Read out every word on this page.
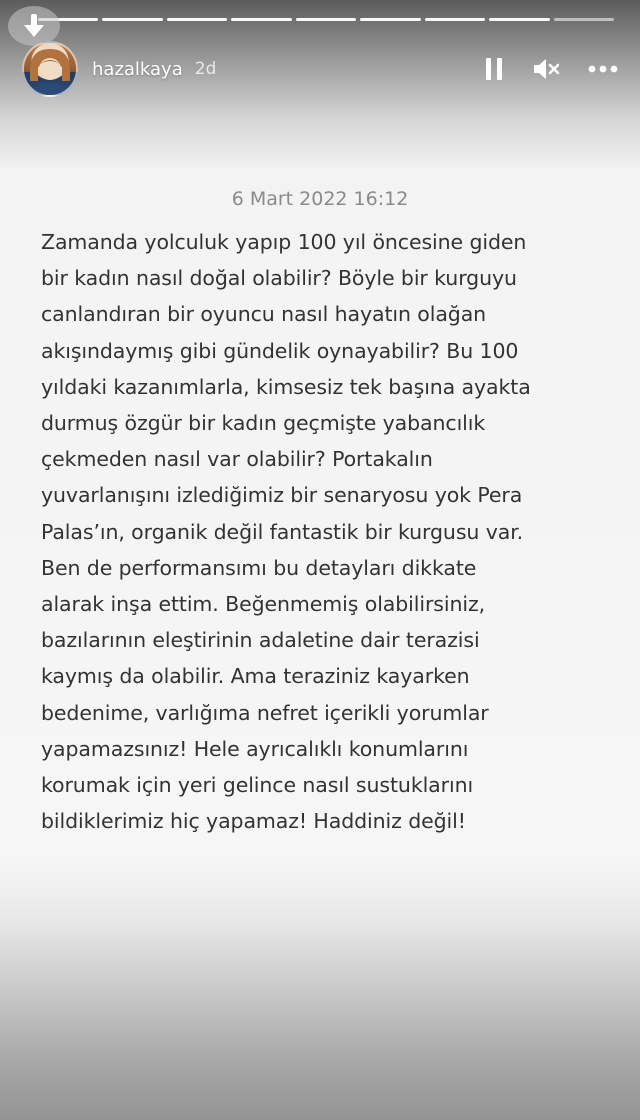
hazalkaya 2d
6 Mart 2022 16:12
Zamanda yolculuk yapıp 100 yıl öncesine giden
bir kadın nasıl doğal olabilir? Böyle bir kurguyu
canlandıran bir oyuncu nasıl hayatın olağan
akışındaymış gibi gündelik oynayabilir? Bu 100
yıldaki kazanımlarla, kimsesiz tek başına ayakta
durmuş özgür bir kadın geçmişte yabancılık
çekmeden nasıl var olabilir? Portakalın
yuvarlanışını izlediğimiz bir senaryosu yok Pera
Palas’ın, organik değil fantastik bir kurgusu var.
Ben de performansımı bu detayları dikkate
alarak inşa ettim. Beğenmemiş olabilirsiniz,
bazılarının eleştirinin adaletine dair terazisi
kaymış da olabilir. Ama teraziniz kayarken
bedenime, varlığıma nefret içerikli yorumlar
yapamazsınız! Hele ayrıcalıklı konumlarını
korumak için yeri gelince nasıl sustuklarını
bildiklerimiz hiç yapamaz! Haddiniz değil!
